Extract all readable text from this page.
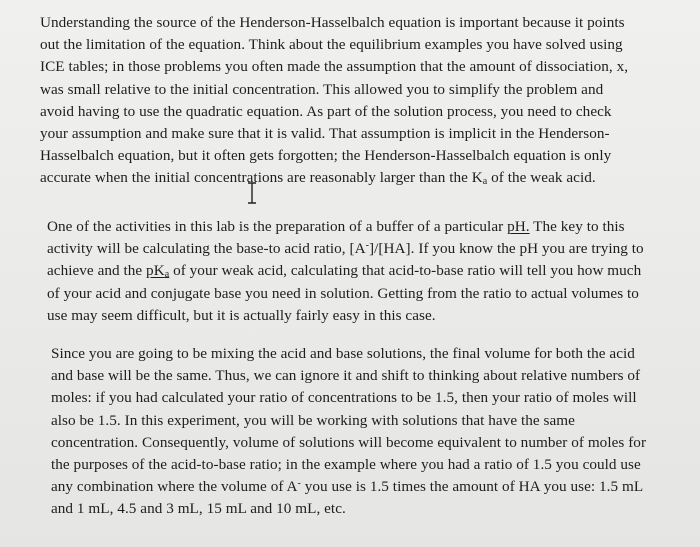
Understanding the source of the Henderson-Hasselbalch equation is important because it points
out the limitation of the equation. Think about the equilibrium examples you have solved using
ICE tables; in those problems you often made the assumption that the amount of dissociation, x,
was small relative to the initial concentration. This allowed you to simplify the problem and
avoid having to use the quadratic equation. As part of the solution process, you need to check
your assumption and make sure that it is valid. That assumption is implicit in the Henderson-
Hasselbalch equation, but it often gets forgotten; the Henderson-Hasselbalch equation is only
accurate when the initial concentrations are reasonably larger than the $K_a$ of the weak acid.

One of the activities in this lab is the preparation of a buffer of a particular pH. The key to this
activity will be calculating the base-to acid ratio, [A-]/[HA]. If you know the pH you are trying to
achieve and the $pK_a$ of your weak acid, calculating that acid-to-base ratio will tell you how much
of your acid and conjugate base you need in solution. Getting from the ratio to actual volumes to
use may seem difficult, but it is actually fairly easy in this case.

Since you are going to be mixing the acid and base solutions, the final volume for both the acid
and base will be the same. Thus, we can ignore it and shift to thinking about relative numbers of
moles: if you had calculated your ratio of concentrations to be 1.5, then your ratio of moles will
also be 1.5. In this experiment, you will be working with solutions that have the same
concentration. Consequently, volume of solutions will become equivalent to number of moles for
the purposes of the acid-to-base ratio; in the example where you had a ratio of 1.5 you could use
any combination where the volume of A- you use is 1.5 times the amount of HA you use: 1.5 mL
and 1 mL, 4.5 and 3 mL, 15 mL and 10 mL, etc.
